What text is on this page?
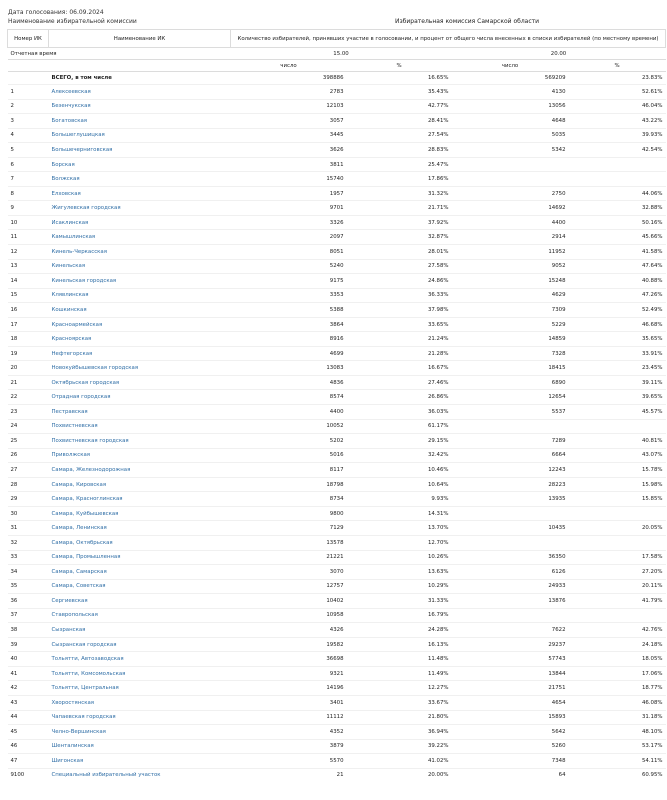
Дата голосования: 06.09.2024
Наименование избирательной комиссии	Избирательная комиссия Самарской области
Номер ИК	Наименование ИК	Количество избирателей, принявших участие в голосовании, и процент от общего числа внесенных в списки избирателей (по местному времени)			
Отчетная время		15.00		20.00	
		число	%	число	%
	ВСЕГО, в том числе	398886	16.65%	569209	23.83%
1	Алексеевская	2783	35.43%	4130	52.61%
2	Безенчукская	12103	42.77%	13056	46.04%
3	Богатовская	3057	28.41%	4648	43.22%
4	Большеглушицкая	3445	27.54%	5035	39.93%
5	Большечерниговская	3626	28.83%	5342	42.54%
6	Борская	3811	25.47%		
7	Волжская	15740	17.86%		
8	Елховская	1957	31.32%	2750	44.06%
9	Жигулевская городская	9701	21.71%	14692	32.88%
10	Исаклинская	3326	37.92%	4400	50.16%
11	Камышлинская	2097	32.87%	2914	45.66%
12	Кинель-Черкасская	8051	28.01%	11952	41.58%
13	Кинельская	5240	27.58%	9052	47.64%
14	Кинельская городская	9175	24.86%	15248	40.88%
15	Клявлинская	3353	36.33%	4629	47.26%
16	Кошкинская	5388	37.98%	7309	52.49%
17	Красноармейская	3864	33.65%	5229	46.68%
18	Красноярская	8916	21.24%	14859	35.65%
19	Нефтегорская	4699	21.28%	7328	33.91%
20	Новокуйбышевская городская	13083	16.67%	18415	23.45%
21	Октябрьская городская	4836	27.46%	6890	39.11%
22	Отрадная городская	8574	26.86%	12654	39.65%
23	Пестравская	4400	36.03%	5537	45.57%
24	Похвистневская	10052	61.17%		
25	Похвистневская городская	5202	29.15%	7289	40.81%
26	Приволжская	5016	32.42%	6664	43.07%
27	Самара, Железнодорожная	8117	10.46%	12243	15.78%
28	Самара, Кировская	18798	10.64%	28223	15.98%
29	Самара, Красноглинская	8734	9.93%	13935	15.85%
30	Самара, Куйбышевская	9800	14.31%		
31	Самара, Ленинская	7129	13.70%	10435	20.05%
32	Самара, Октябрьская	13578	12.70%		
33	Самара, Промышленная	21221	10.26%	36350	17.58%
34	Самара, Самарская	3070	13.63%	6126	27.20%
35	Самара, Советская	12757	10.29%	24933	20.11%
36	Сергиевская	10402	31.33%	13876	41.79%
37	Ставропольская	10958	16.79%		
38	Сызранская	4326	24.28%	7622	42.76%
39	Сызранская городская	19582	16.13%	29237	24.18%
40	Тольятти, Автозаводская	36698	11.48%	57743	18.05%
41	Тольятти, Комсомольская	9321	11.49%	13844	17.06%
42	Тольятти, Центральная	14196	12.27%	21751	18.77%
43	Хворостянская	3401	33.67%	4654	46.08%
44	Чапаевская городская	11112	21.80%	15893	31.18%
45	Челно-Вершинская	4352	36.94%	5642	48.10%
46	Шенталинская	3879	39.22%	5260	53.17%
47	Шигонская	5570	41.02%	7348	54.11%
9100	Специальный избирательный участок	21	20.00%	64	60.95%
